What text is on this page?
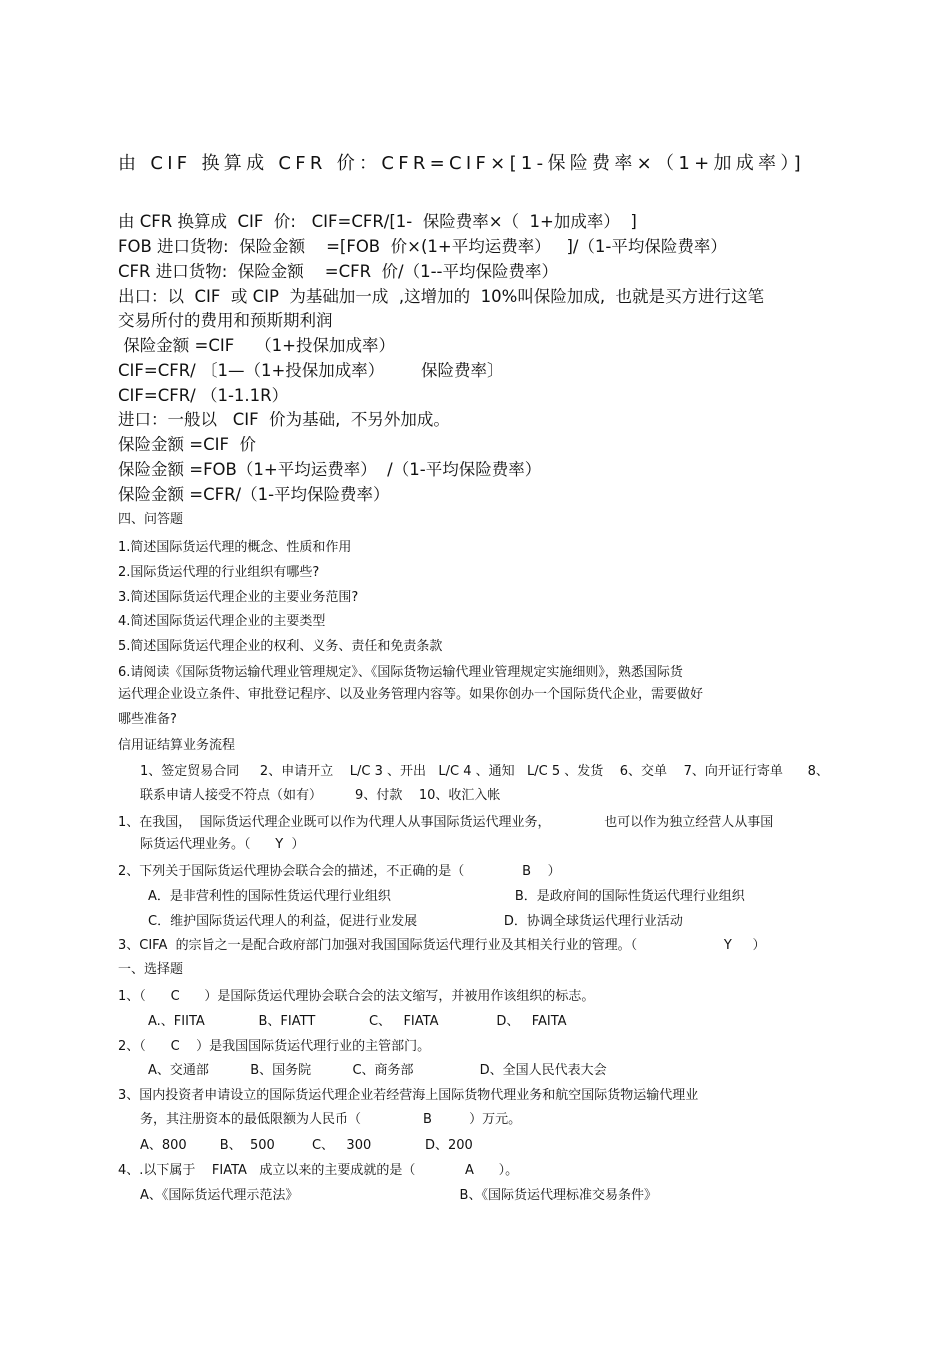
由 CIF 换算成 CFR 价：CFR=CIF×[1-保险费率×（1+加成率）]
由 CFR 换算成  CIF  价:   CIF=CFR/[1-  保险费率×（  1+加成率）  ]
FOB 进口货物:  保险金额    =[FOB  价×(1+平均运费率）   ]/（1-平均保险费率）
CFR 进口货物:  保险金额    =CFR  价/（1--平均保险费率）
出口：以  CIF  或 CIP  为基础加一成  ,这增加的  10%叫保险加成,  也就是买方进行这笔
交易所付的费用和预斯期利润
保险金额 =CIF    （1+投保加成率）
CIF=CFR/ 〔1—（1+投保加成率）       保险费率〕
CIF=CFR/ （1-1.1R）
进口：一般以   CIF  价为基础,  不另外加成。
保险金额 =CIF  价
保险金额 =FOB（1+平均运费率）  /（1-平均保险费率）
保险金额 =CFR/（1-平均保险费率）
四、问答题
1.简述国际货运代理的概念、性质和作用
2.国际货运代理的行业组织有哪些?
3.简述国际货运代理企业的主要业务范围?
4.简述国际货运代理企业的主要类型
5.简述国际货运代理企业的权利、义务、责任和免责条款
6.请阅读《国际货物运输代理业管理规定》、《国际货物运输代理业管理规定实施细则》，熟悉国际货
运代理企业设立条件、审批登记程序、以及业务管理内容等。如果你创办一个国际货代企业，需要做好
哪些准备?
信用证结算业务流程
1、签定贸易合同     2、申请开立    L/C 3 、开出   L/C 4 、通知   L/C 5 、发货    6、交单    7、向开证行寄单      8、
联系申请人接受不符点（如有）        9、付款    10、收汇入帐
1、在我国，  国际货运代理企业既可以作为代理人从事国际货运代理业务，             也可以作为独立经营人从事国
际货运代理业务。（      Y  ）
2、下列关于国际货运代理协会联合会的描述，不正确的是（              B    ）
A．是非营利性的国际性货运代理行业组织                              B．是政府间的国际性货运代理行业组织
C．维护国际货运代理人的利益，促进行业发展                     D．协调全球货运代理行业活动
3、CIFA  的宗旨之一是配合政府部门加强对我国国际货运代理行业及其相关行业的管理。（                     Y     ）
一、选择题
1、（      C      ）是国际货运代理协会联合会的法文缩写，并被用作该组织的标志。
A.、FIITA             B、FIATT             C、   FIATA              D、   FAITA
2、（      C    ）是我国国际货运代理行业的主管部门。
A、交通部          B、国务院          C、商务部                D、全国人民代表大会
3、国内投资者申请设立的国际货运代理企业若经营海上国际货物代理业务和航空国际货物运输代理业
务，其注册资本的最低限额为人民币（               B         ）万元。
A、800        B、  500         C、   300             D、200
4、.以下属于    FIATA   成立以来的主要成就的是（            A      ）。
A、《国际货运代理示范法》                                       B、《国际货运代理标准交易条件》
